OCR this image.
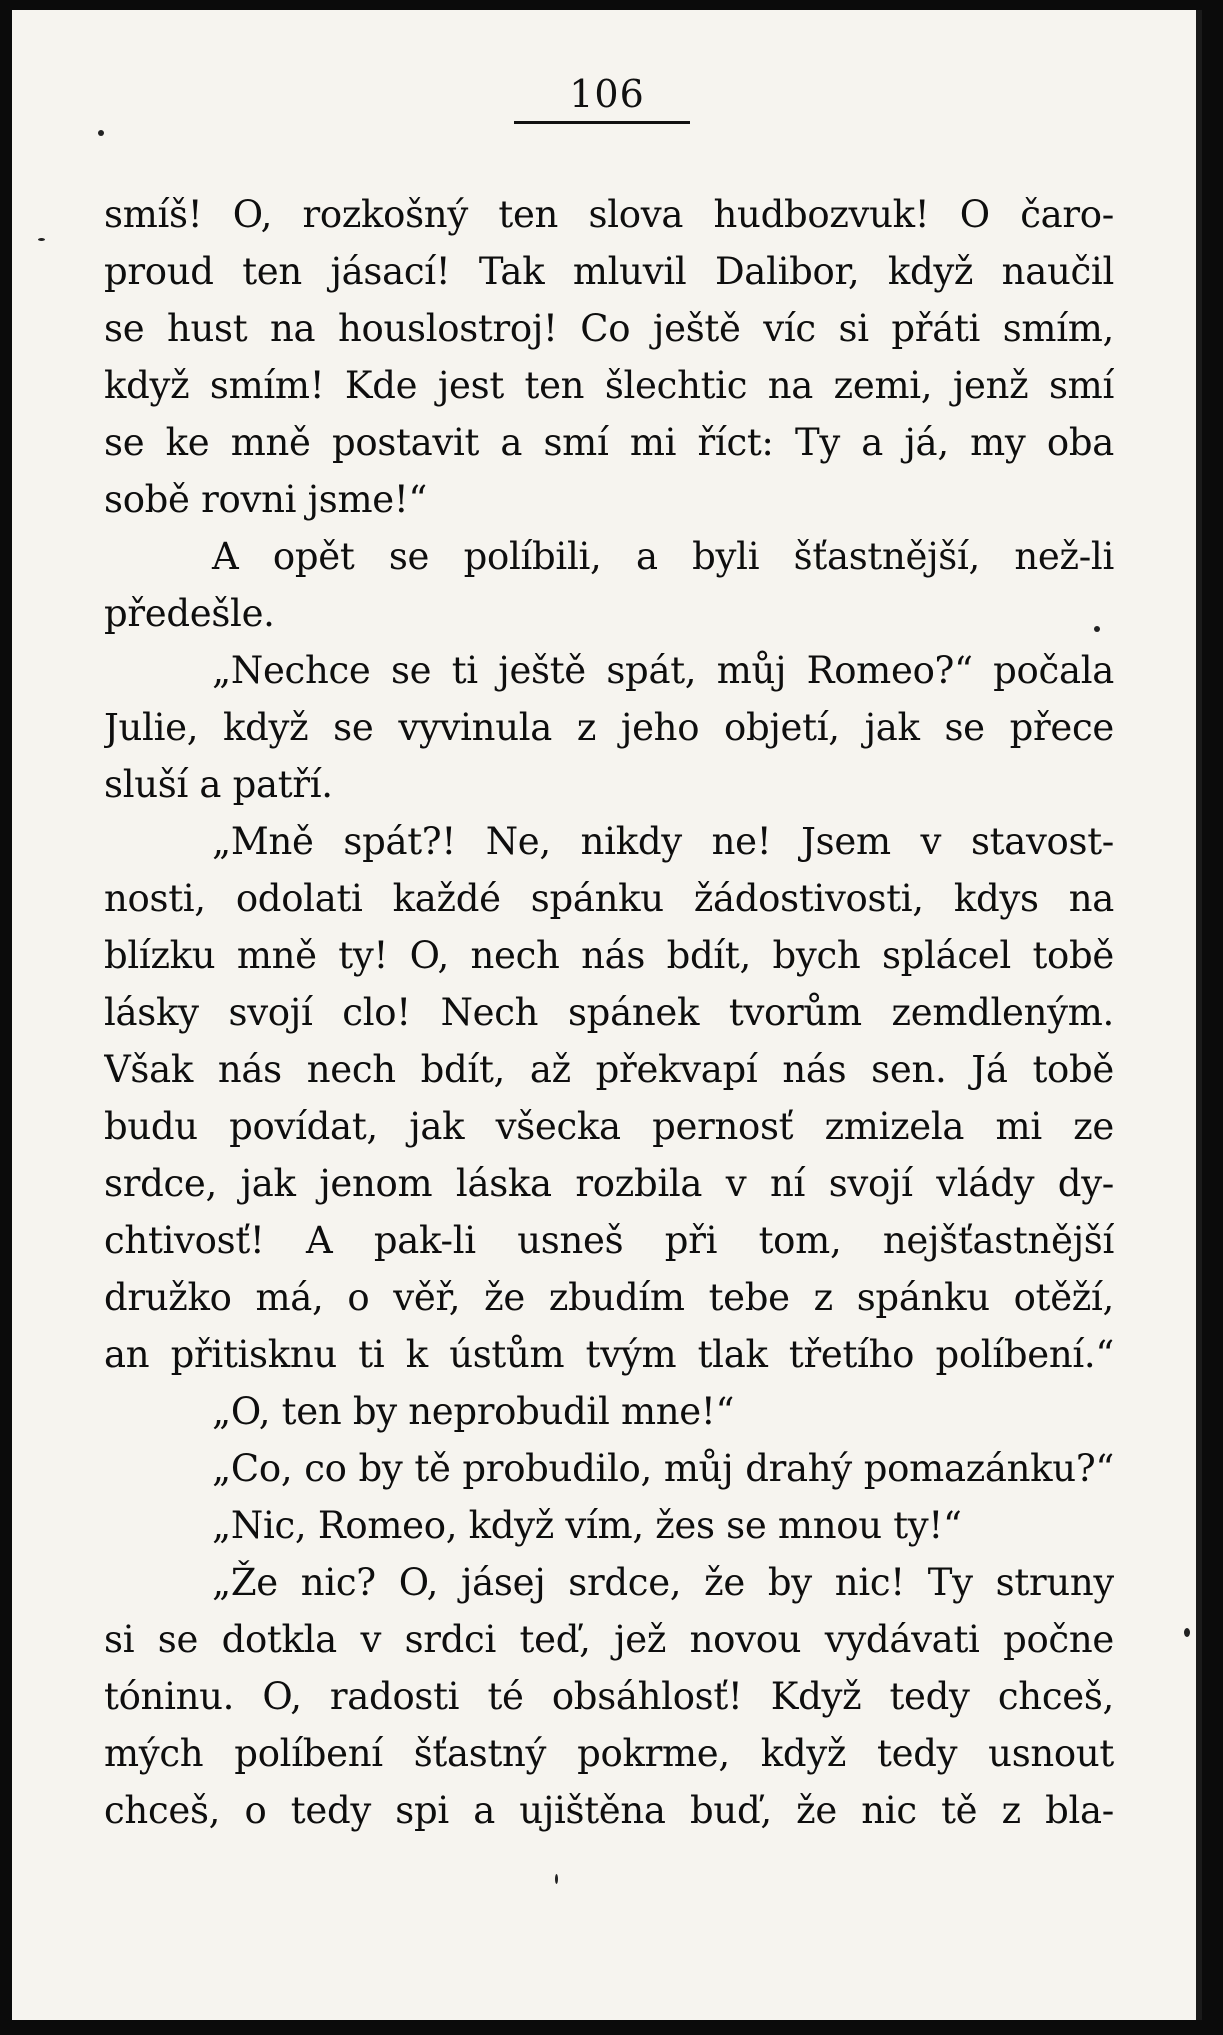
106
smíš! O, rozkošný ten slova hudbozvuk! O čaro-
proud ten jásací! Tak mluvil Dalibor, když naučil
se hust na houslostroj! Co ještě víc si přáti smím,
když smím! Kde jest ten šlechtic na zemi, jenž smí
se ke mně postavit a smí mi říct: Ty a já, my oba
sobě rovni jsme!“
A opět se políbili, a byli šťastnější, než-li
předešle.
„Nechce se ti ještě spát, můj Romeo?“ počala
Julie, když se vyvinula z jeho objetí, jak se přece
sluší a patří.
„Mně spát?! Ne, nikdy ne! Jsem v stavost-
nosti, odolati každé spánku žádostivosti, kdys na
blízku mně ty! O, nech nás bdít, bych splácel tobě
lásky svojí clo! Nech spánek tvorům zemdleným.
Však nás nech bdít, až překvapí nás sen. Já tobě
budu povídat, jak všecka pernosť zmizela mi ze
srdce, jak jenom láska rozbila v ní svojí vlády dy-
chtivosť! A pak-li usneš při tom, nejšťastnější
družko má, o věř, že zbudím tebe z spánku otěží,
an přitisknu ti k ústům tvým tlak třetího políbení.“
„O, ten by neprobudil mne!“
„Co, co by tě probudilo, můj drahý pomazánku?“
„Nic, Romeo, když vím, žes se mnou ty!“
„Že nic? O, jásej srdce, že by nic! Ty struny
si se dotkla v srdci teď, jež novou vydávati počne
tóninu. O, radosti té obsáhlosť! Když tedy chceš,
mých políbení šťastný pokrme, když tedy usnout
chceš, o tedy spi a ujištěna buď, že nic tě z bla-
